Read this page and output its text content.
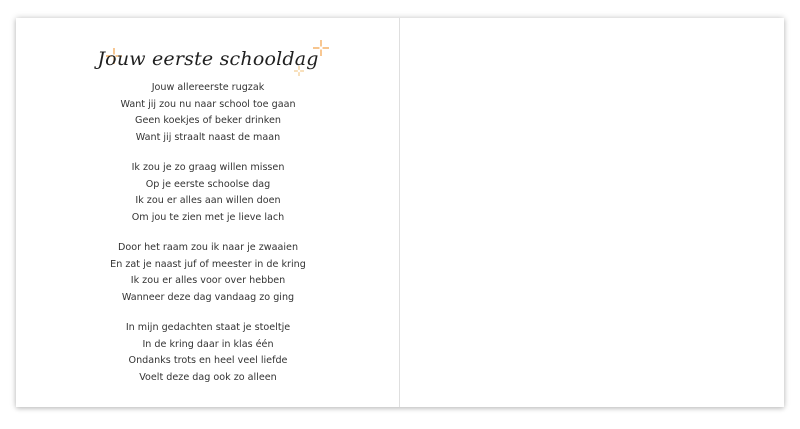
Jouw eerste schooldag
Jouw allereerste rugzak
Want jij zou nu naar school toe gaan
Geen koekjes of beker drinken
Want jij straalt naast de maan
Ik zou je zo graag willen missen
Op je eerste schoolse dag
Ik zou er alles aan willen doen
Om jou te zien met je lieve lach
Door het raam zou ik naar je zwaaien
En zat je naast juf of meester in de kring
Ik zou er alles voor over hebben
Wanneer deze dag vandaag zo ging
In mijn gedachten staat je stoeltje
In de kring daar in klas één
Ondanks trots en heel veel liefde
Voelt deze dag ook zo alleen
